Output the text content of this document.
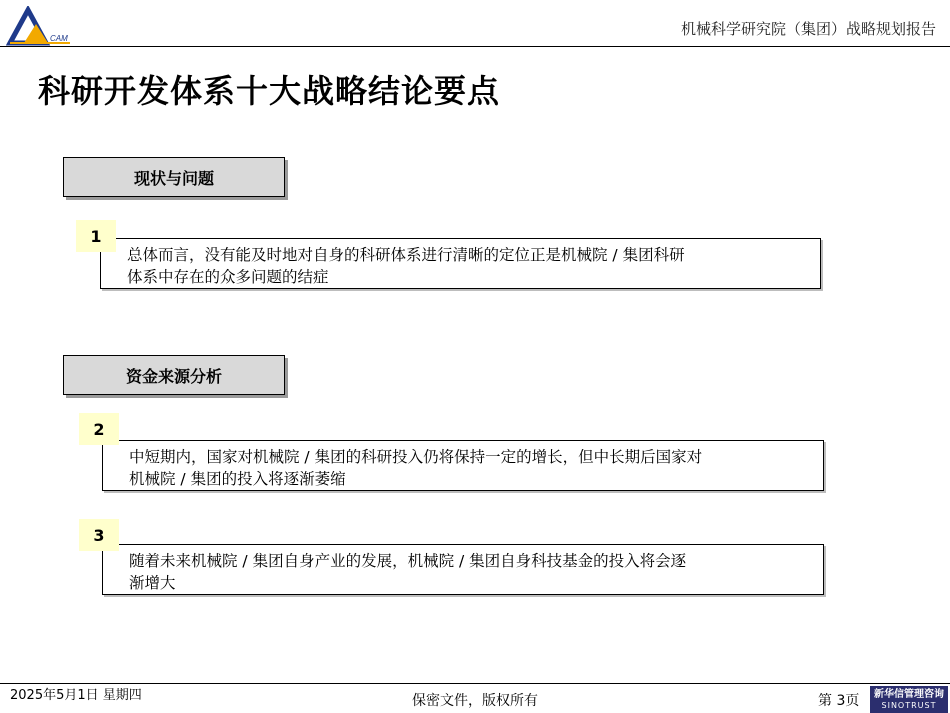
CAM
机械科学研究院（集团）战略规划报告
科研开发体系十大战略结论要点
现状与问题
总体而言，没有能及时地对自身的科研体系进行清晰的定位正是机械院 / 集团科研
体系中存在的众多问题的结症
1
资金来源分析
中短期内，国家对机械院 / 集团的科研投入仍将保持一定的增长，但中长期后国家对
机械院 / 集团的投入将逐渐萎缩
2
随着未来机械院 / 集团自身产业的发展，机械院 / 集团自身科技基金的投入将会逐
渐增大
3
2025年5月1日 星期四	保密文件，版权所有	第 3页 新华信管理咨询
SINOTRUST
